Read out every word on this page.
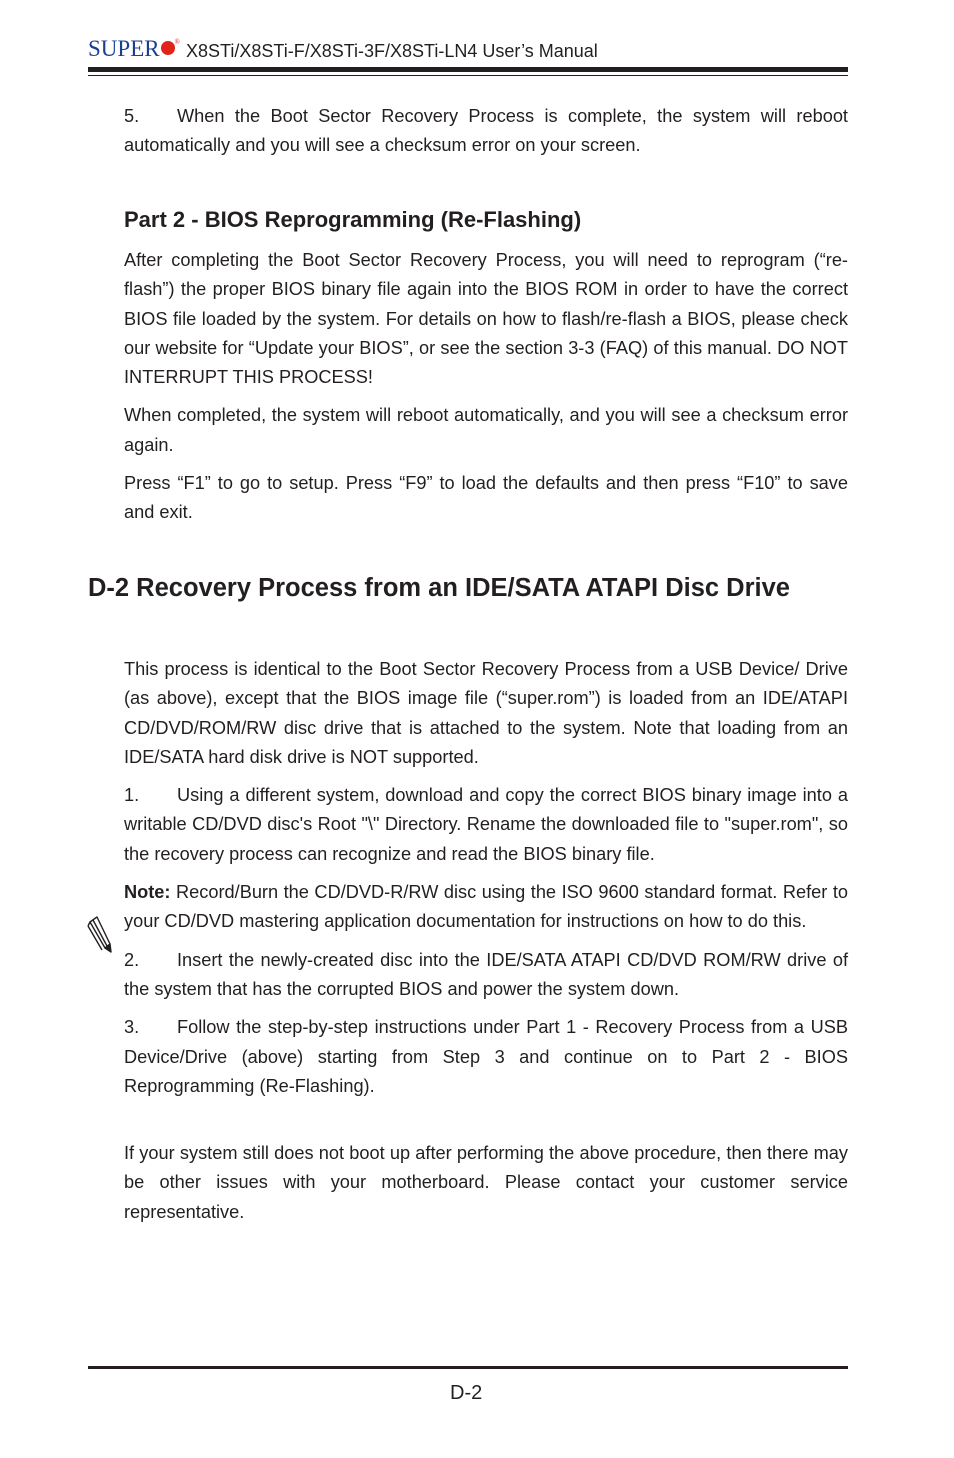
SUPER ® X8STi/X8STi-F/X8STi-3F/X8STi-LN4 User’s Manual

5. When the Boot Sector Recovery Process is complete, the system will reboot automatically and you will see a checksum error on your screen.

Part 2 - BIOS Reprogramming (Re-Flashing)

After completing the Boot Sector Recovery Process, you will need to reprogram (“re-flash”) the proper BIOS binary file again into the BIOS ROM in order to have the correct BIOS file loaded by the system. For details on how to flash/re-flash a BIOS, please check our website for “Update your BIOS”, or see the section 3-3 (FAQ) of this manual. DO NOT INTERRUPT THIS PROCESS!

When completed, the system will reboot automatically, and you will see a checksum error again.

Press “F1” to go to setup. Press “F9” to load the defaults and then press “F10” to save and exit.

D-2 Recovery Process from an IDE/SATA ATAPI Disc Drive

This process is identical to the Boot Sector Recovery Process from a USB Device/ Drive (as above), except that the BIOS image file (“super.rom”) is loaded from an IDE/ATAPI CD/DVD/ROM/RW disc drive that is attached to the system. Note that loading from an IDE/SATA hard disk drive is NOT supported.

1. Using a different system, download and copy the correct BIOS binary image into a writable CD/DVD disc's Root "\" Directory. Rename the downloaded file to "super.rom", so the recovery process can recognize and read the BIOS binary file.

Note: Record/Burn the CD/DVD-R/RW disc using the ISO 9600 standard format. Refer to your CD/DVD mastering application documentation for instructions on how to do this.

2. Insert the newly-created disc into the IDE/SATA ATAPI CD/DVD ROM/RW drive of the system that has the corrupted BIOS and power the system down.

3. Follow the step-by-step instructions under Part 1 - Recovery Process from a USB Device/Drive (above) starting from Step 3 and continue on to Part 2 - BIOS Reprogramming (Re-Flashing).

If your system still does not boot up after performing the above procedure, then there may be other issues with your motherboard. Please contact your customer service representative.

D-2
